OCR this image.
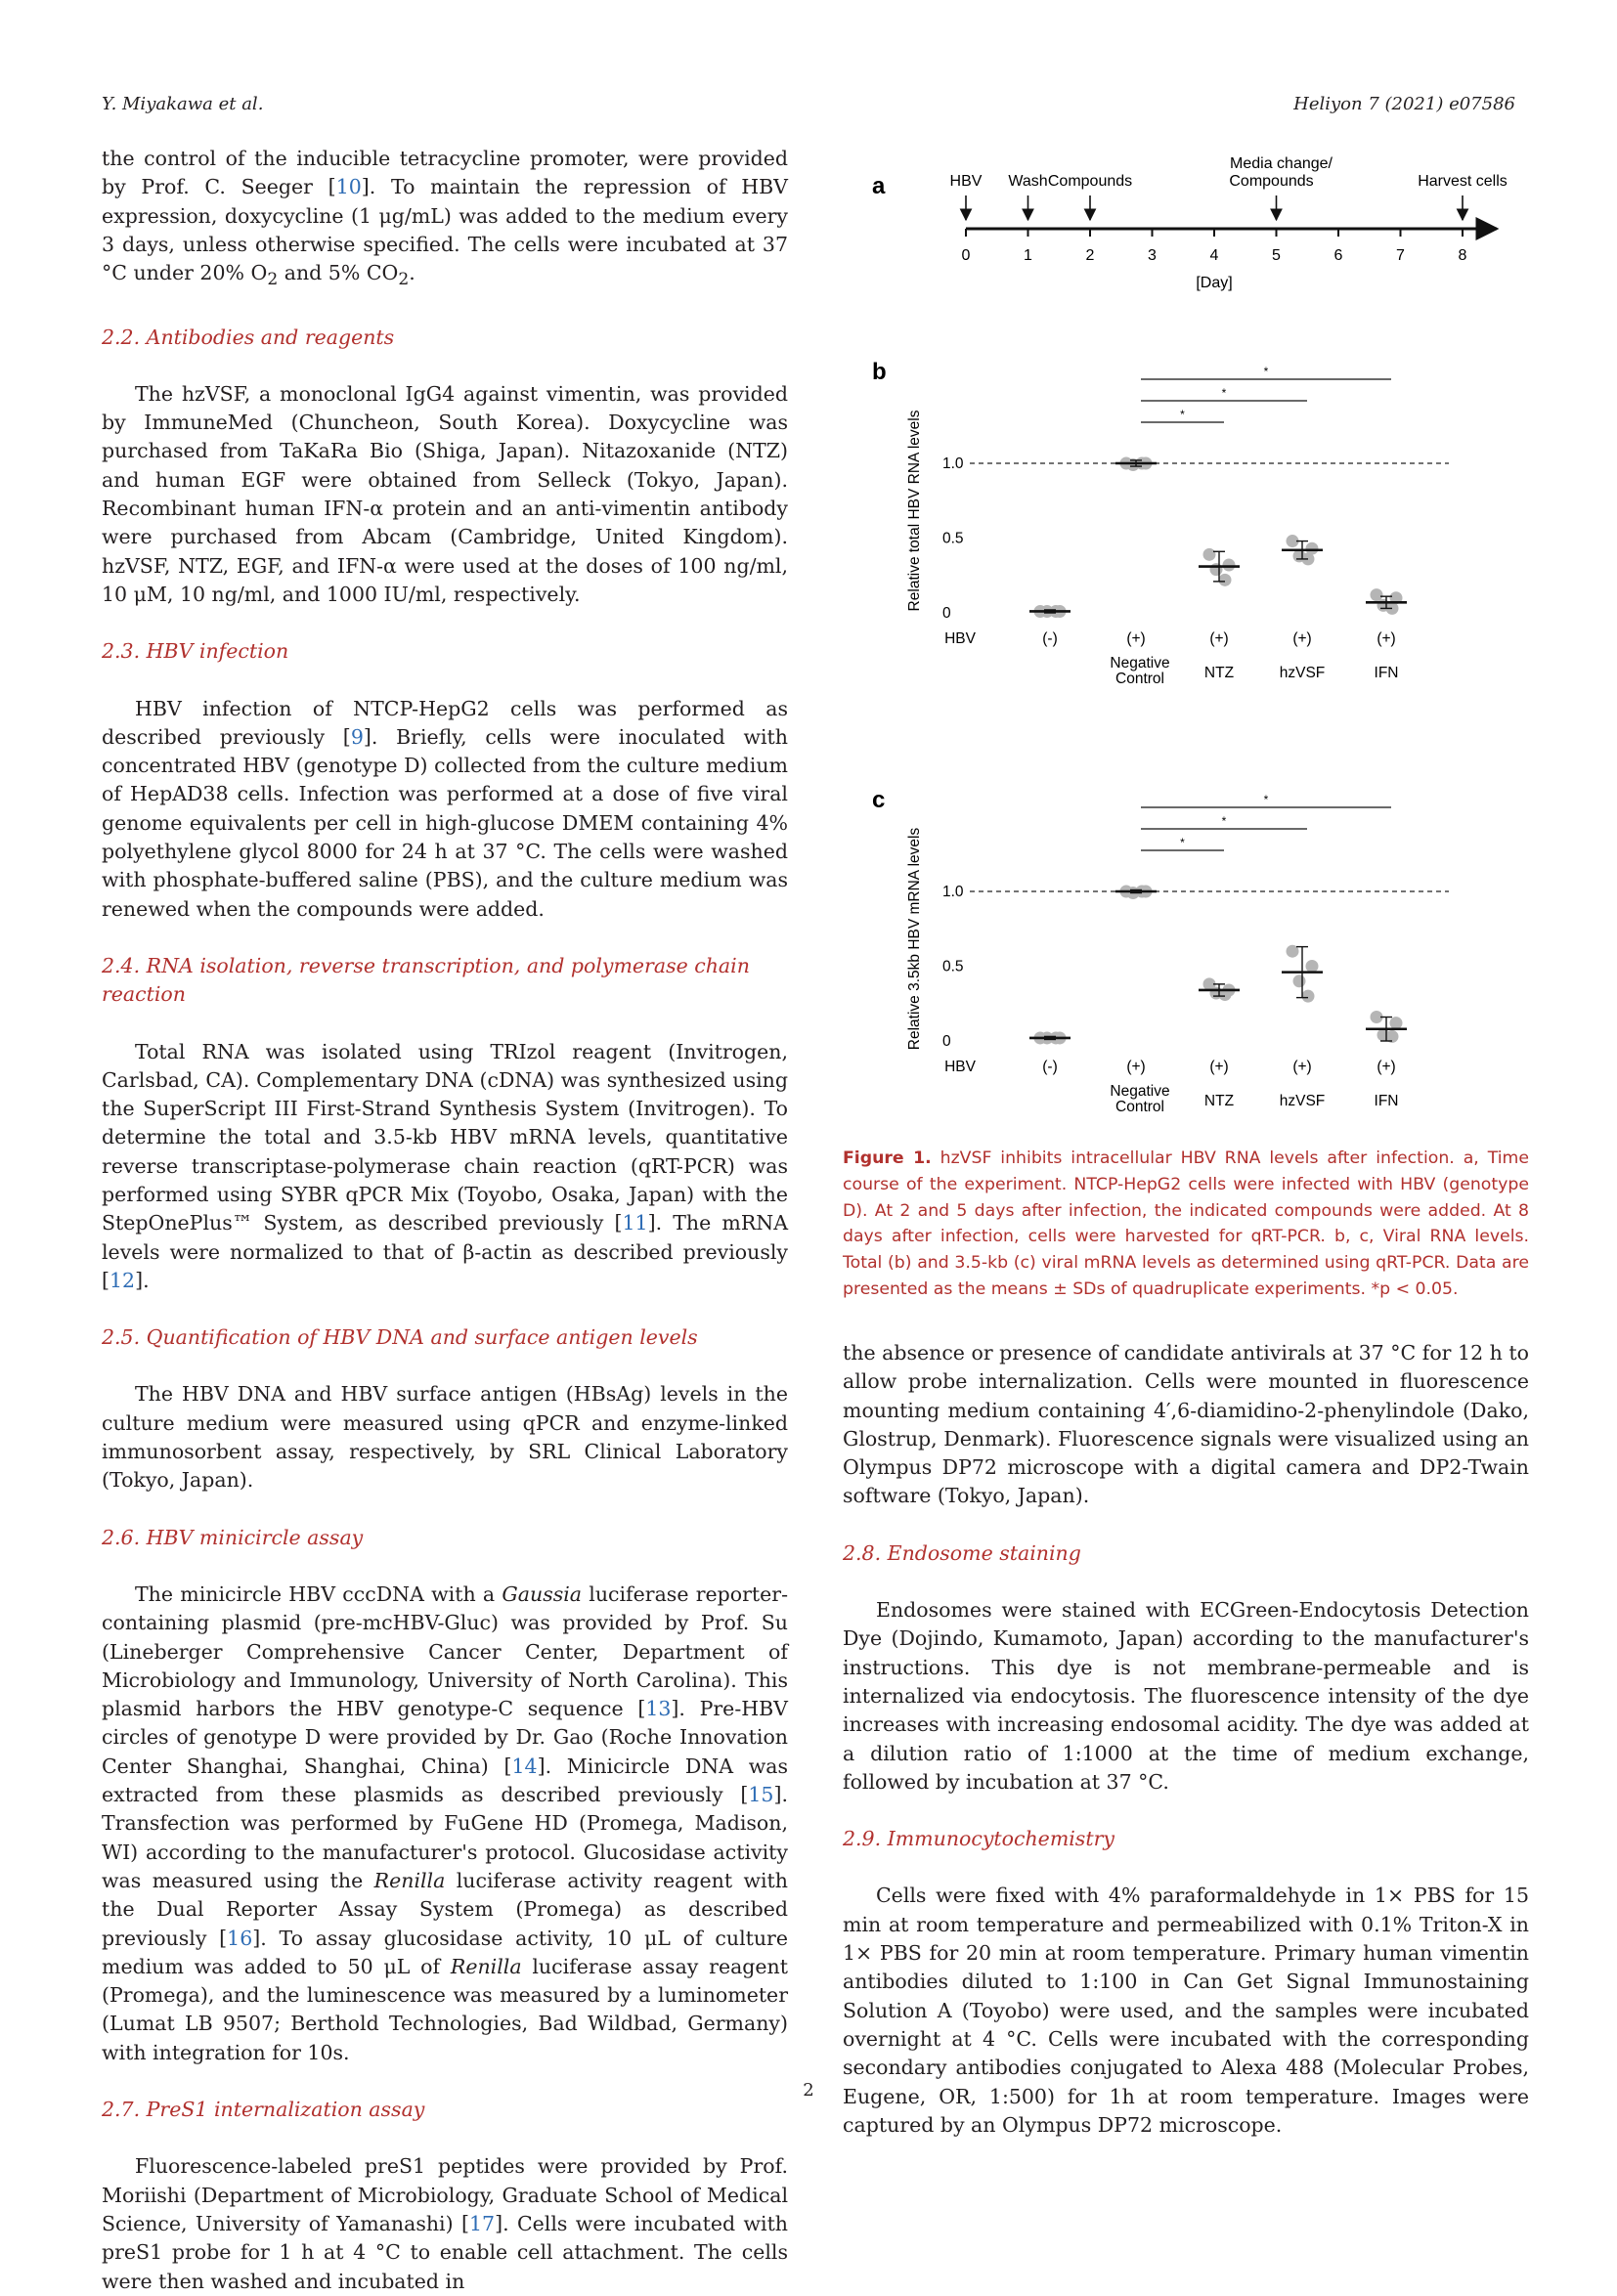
Y. Miyakawa et al.	Heliyon 7 (2021) e07586

the control of the inducible tetracycline promoter, were provided by Prof. C. Seeger [10]. To maintain the repression of HBV expression, doxycycline (1 μg/mL) was added to the medium every 3 days, unless otherwise specified. The cells were incubated at 37 °C under 20% $O_2$ and 5% $CO_2$.

2.2. Antibodies and reagents

The hzVSF, a monoclonal IgG4 against vimentin, was provided by ImmuneMed (Chuncheon, South Korea). Doxycycline was purchased from TaKaRa Bio (Shiga, Japan). Nitazoxanide (NTZ) and human EGF were obtained from Selleck (Tokyo, Japan). Recombinant human IFN-α protein and an anti-vimentin antibody were purchased from Abcam (Cambridge, United Kingdom). hzVSF, NTZ, EGF, and IFN-α were used at the doses of 100 ng/ml, 10 μM, 10 ng/ml, and 1000 IU/ml, respectively.

2.3. HBV infection

HBV infection of NTCP-HepG2 cells was performed as described previously [9]. Briefly, cells were inoculated with concentrated HBV (genotype D) collected from the culture medium of HepAD38 cells. Infection was performed at a dose of five viral genome equivalents per cell in high-glucose DMEM containing 4% polyethylene glycol 8000 for 24 h at 37 °C. The cells were washed with phosphate-buffered saline (PBS), and the culture medium was renewed when the compounds were added.

2.4. RNA isolation, reverse transcription, and polymerase chain reaction

Total RNA was isolated using TRIzol reagent (Invitrogen, Carlsbad, CA). Complementary DNA (cDNA) was synthesized using the SuperScript III First-Strand Synthesis System (Invitrogen). To determine the total and 3.5-kb HBV mRNA levels, quantitative reverse transcriptase-polymerase chain reaction (qRT-PCR) was performed using SYBR qPCR Mix (Toyobo, Osaka, Japan) with the StepOnePlus™ System, as described previously [11]. The mRNA levels were normalized to that of β-actin as described previously [12].

2.5. Quantification of HBV DNA and surface antigen levels

The HBV DNA and HBV surface antigen (HBsAg) levels in the culture medium were measured using qPCR and enzyme-linked immunosorbent assay, respectively, by SRL Clinical Laboratory (Tokyo, Japan).

2.6. HBV minicircle assay

The minicircle HBV cccDNA with a Gaussia luciferase reporter-containing plasmid (pre-mcHBV-Gluc) was provided by Prof. Su (Lineberger Comprehensive Cancer Center, Department of Microbiology and Immunology, University of North Carolina). This plasmid harbors the HBV genotype-C sequence [13]. Pre-HBV circles of genotype D were provided by Dr. Gao (Roche Innovation Center Shanghai, Shanghai, China) [14]. Minicircle DNA was extracted from these plasmids as described previously [15]. Transfection was performed by FuGene HD (Promega, Madison, WI) according to the manufacturer's protocol. Glucosidase activity was measured using the Renilla luciferase activity reagent with the Dual Reporter Assay System (Promega) as described previously [16]. To assay glucosidase activity, 10 μL of culture medium was added to 50 μL of Renilla luciferase assay reagent (Promega), and the luminescence was measured by a luminometer (Lumat LB 9507; Berthold Technologies, Bad Wildbad, Germany) with integration for 10s.

2.7. PreS1 internalization assay

Fluorescence-labeled preS1 peptides were provided by Prof. Moriishi (Department of Microbiology, Graduate School of Medical Science, University of Yamanashi) [17]. Cells were incubated with preS1 probe for 1 h at 4 °C to enable cell attachment. The cells were then washed and incubated in

a
0	1	2	3	4	5	6	7	8
[Day]
HBV Wash Compounds
Media change/
Compounds	Harvest cells
b
Relative total HBV RNA levels
0
0.5
1.0
*
*
*
(-)	(+)
Negative
Control
(+)
NTZ
(+)
hzVSF
(+)
IFN
HBV
c
Relative 3.5kb HBV mRNA levels 0
0.5
1.0
*
*
*
(-)	(+)
Negative
Control
(+)
NTZ
(+)
hzVSF
(+)
IFN
HBV
Figure 1. hzVSF inhibits intracellular HBV RNA levels after infection. a, Time course of the experiment. NTCP-HepG2 cells were infected with HBV (genotype D). At 2 and 5 days after infection, the indicated compounds were added. At 8 days after infection, cells were harvested for qRT-PCR. b, c, Viral RNA levels. Total (b) and 3.5-kb (c) viral mRNA levels as determined using qRT-PCR. Data are presented as the means ± SDs of quadruplicate experiments. *p < 0.05.

the absence or presence of candidate antivirals at 37 °C for 12 h to allow probe internalization. Cells were mounted in fluorescence mounting medium containing 4′,6-diamidino-2-phenylindole (Dako, Glostrup, Denmark). Fluorescence signals were visualized using an Olympus DP72 microscope with a digital camera and DP2-Twain software (Tokyo, Japan).

2.8. Endosome staining

Endosomes were stained with ECGreen-Endocytosis Detection Dye (Dojindo, Kumamoto, Japan) according to the manufacturer's instructions. This dye is not membrane-permeable and is internalized via endocytosis. The fluorescence intensity of the dye increases with increasing endosomal acidity. The dye was added at a dilution ratio of 1:1000 at the time of medium exchange, followed by incubation at 37 °C.

2.9. Immunocytochemistry

Cells were fixed with 4% paraformaldehyde in 1× PBS for 15 min at room temperature and permeabilized with 0.1% Triton-X in 1× PBS for 20 min at room temperature. Primary human vimentin antibodies diluted to 1:100 in Can Get Signal Immunostaining Solution A (Toyobo) were used, and the samples were incubated overnight at 4 °C. Cells were incubated with the corresponding secondary antibodies conjugated to Alexa 488 (Molecular Probes, Eugene, OR, 1:500) for 1h at room temperature. Images were captured by an Olympus DP72 microscope.

2
